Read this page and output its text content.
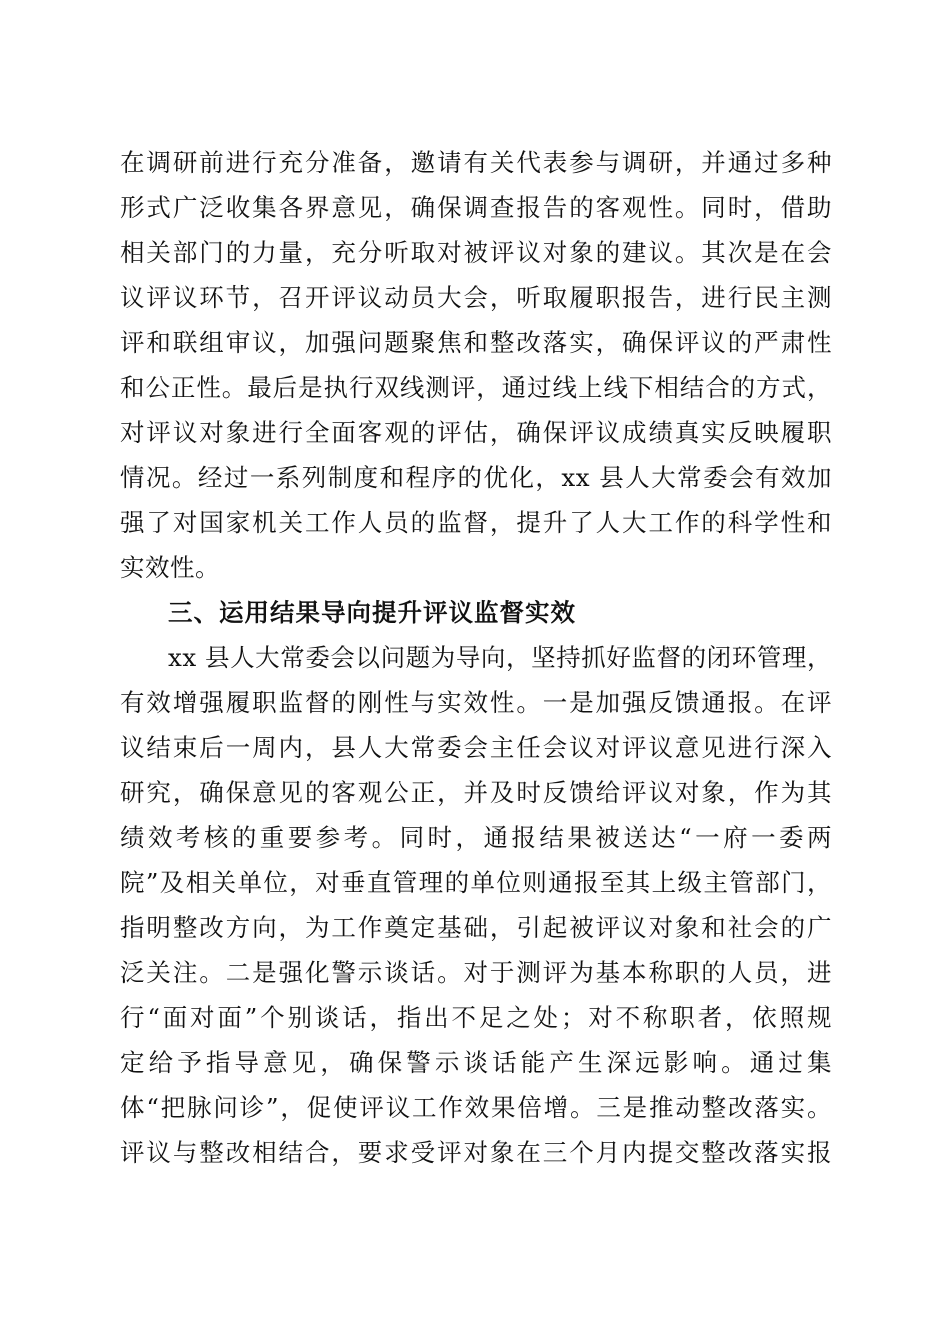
在调研前进行充分准备，邀请有关代表参与调研，并通过多种
形式广泛收集各界意见，确保调查报告的客观性。同时，借助
相关部门的力量，充分听取对被评议对象的建议。其次是在会
议评议环节，召开评议动员大会，听取履职报告，进行民主测
评和联组审议，加强问题聚焦和整改落实，确保评议的严肃性
和公正性。最后是执行双线测评，通过线上线下相结合的方式，
对评议对象进行全面客观的评估，确保评议成绩真实反映履职
情况。经过一系列制度和程序的优化，xx 县人大常委会有效加
强了对国家机关工作人员的监督，提升了人大工作的科学性和
实效性。
三、运用结果导向提升评议监督实效
xx 县人大常委会以问题为导向，坚持抓好监督的闭环管理，
有效增强履职监督的刚性与实效性。一是加强反馈通报。在评
议结束后一周内，县人大常委会主任会议对评议意见进行深入
研究，确保意见的客观公正，并及时反馈给评议对象，作为其
绩效考核的重要参考。同时，通报结果被送达“一府一委两
院”及相关单位，对垂直管理的单位则通报至其上级主管部门，
指明整改方向，为工作奠定基础，引起被评议对象和社会的广
泛关注。二是强化警示谈话。对于测评为基本称职的人员，进
行“面对面”个别谈话，指出不足之处；对不称职者，依照规
定给予指导意见，确保警示谈话能产生深远影响。通过集
体“把脉问诊”，促使评议工作效果倍增。三是推动整改落实。
评议与整改相结合，要求受评对象在三个月内提交整改落实报
